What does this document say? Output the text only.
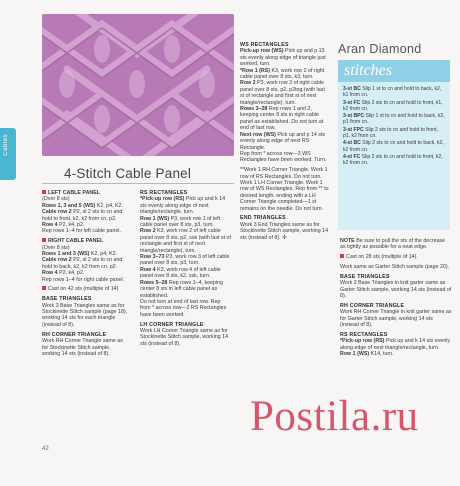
Cables
4-Stitch Cable Panel

LEFT CABLE PANEL
(Over 8 sts)
Rows 1, 3 and 5 (WS) K2, p4, K2.
Cable row 2 P2, sl 2 sts to cn and hold to front, k2, k2 from cn, p2.
Row 4 P2, k4, p2.
Rep rows 1–4 for left cable panel.

RIGHT CABLE PANEL
(Over 8 sts)
Rows 1 and 3 (WS) K2, p4, K2.
Cable row 2 P2, sl 2 sts to cn and hold to back, k2, k2 from cn, p2.
Row 4 P2, k4, p2.
Rep rows 1–4 for right cable panel.

Cast on 42 sts (multiple of 14)

BASE TRIANGLES
Work 3 Base Triangles same as for Stockinette Stitch sample (page 18), working 14 sts for each triangle (instead of 8).

RH CORNER TRIANGLE
Work RH Corner Triangle same as for Stockinette Stitch sample, working 14 sts (instead of 8).

RS RECTANGLES
*Pick-up row (RS) Pick up and k 14 sts evenly along edge of next triangle/rectangle, turn.
Row 1 (WS) P3, work row 1 of left cable panel over 8 sts, p3, turn.
Row 2 K3, work row 2 of left cable panel over 8 sts, p2, ssk (with last st of rectangle and first st of next triangle/rectangle), turn.
Row 3–73 P3, work row 3 of left cable panel over 8 sts, p3, turn.
Row 4 K3, work row 4 of left cable panel over 8 sts, k2, ssk, turn.
Rows 5–28 Rep rows 1–4, keeping center 8 sts in left cable panel as established.
Do not turn at end of last row. Rep from * across row—2 RS Rectangles have been worked.

LH CORNER TRIANGLE
Work LH Corner Triangle same as for Stockinette Stitch sample, working 14 sts (instead of 8).

WS RECTANGLES
Pick-up row (WS) Pick up and p 13 sts evenly along edge of triangle just worked, turn.
*Row 1 (RS) K3, work row 2 of right cable panel over 8 sts, k3, turn.
Row 2 P3, work row 3 of right cable panel over 8 sts, p2, p2tog (with last st of rectangle and first st of next triangle/rectangle), turn.
Rows 3–28 Rep rows 1 and 2, keeping center 8 sts in right cable panel as established. Do not turn at end of last row.
Next row (WS) Pick up and p 14 sts evenly along edge of next RS Rectangle.
Rep from * across row—3 WS Rectangles have been worked. Turn.

**Work 1 RH Corner Triangle. Work 1 row of RS Rectangles. Do not turn. Work 1 LH Corner Triangle. Work 1 row of WS Rectangles. Rep from ** to desired length, ending with a LH Corner Triangle completed—1 st remains on the needle. Do not turn.

END TRIANGLES
Work 3 End Triangles same as for Stockinette Stitch sample, working 14 sts (instead of 8). ✣

Aran Diamond
stitches

3-st BC Slip 1 st to cn and hold to back, k2, k1 from cn.

3-st FC Slip 2 sts to cn and hold to front, k1, k2 from cn.

3-st BPC Slip 1 st to cn and hold to back, k2, p1 from cn.

3-st FPC Slip 2 sts to cn and hold to front, p1, k2 from cn.

4-st BC Slip 2 sts to cn and hold to back, k2, k2 from cn.

4-st FC Slip 2 sts to cn and hold to front, k2, k2 from cn.

NOTE Be sure to pull the sts of the decrease as tightly as possible for a neat edge.

Cast on 28 sts (multiple of 14).

Work same as Garter Stitch sample (page 20).

BASE TRIANGLES
Work 2 Base Triangles in knit garter same as Garter Stitch sample, working 14 sts (instead of 8).

RH CORNER TRIANGLE
Work RH Corner Triangle in knit garter same as for Garter Stitch sample, working 14 sts (instead of 8).

RS RECTANGLES
*Pick-up row (RS) Pick up and k 14 sts evenly along edge of next triangle/rectangle, turn.
Row 1 (WS) K14, turn.

42
Postila.ru
